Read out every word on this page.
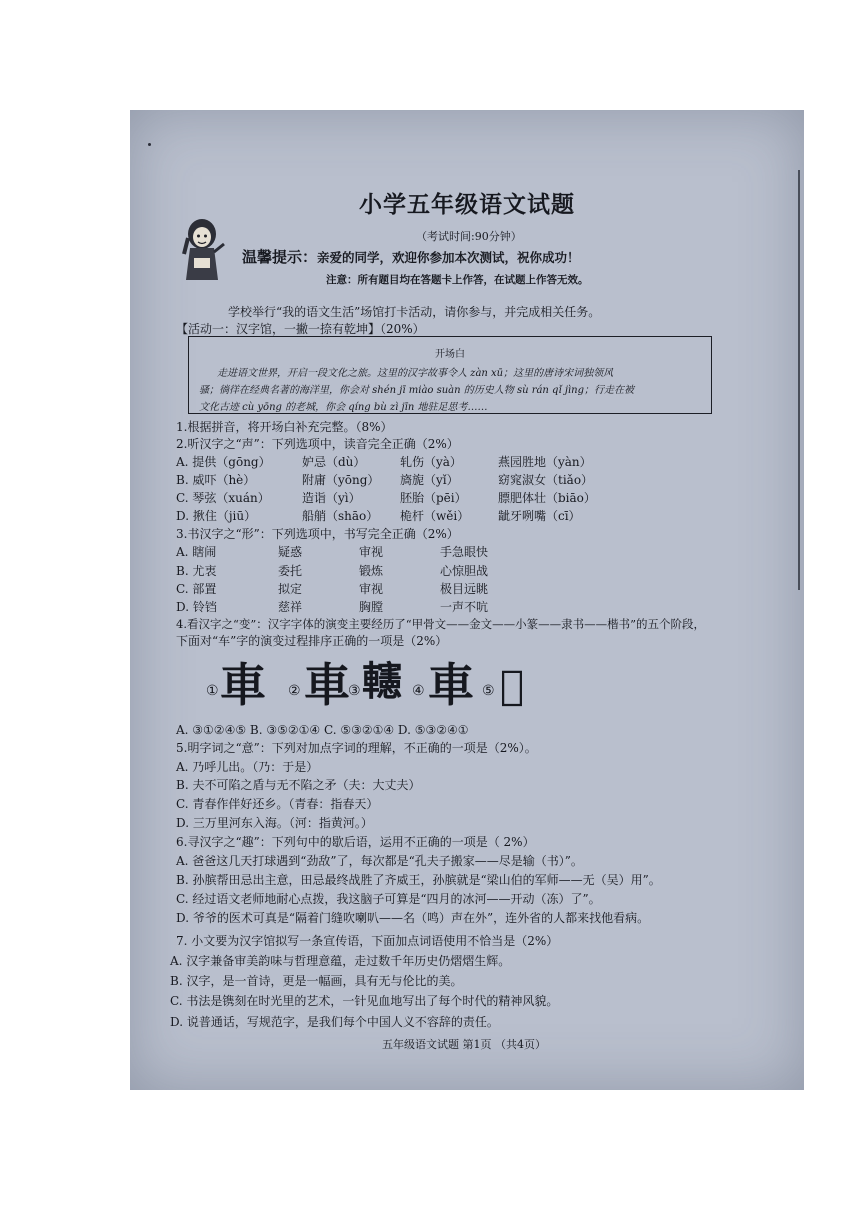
小学五年级语文试题
（考试时间:90分钟）
温馨提示：亲爱的同学，欢迎你参加本次测试，祝你成功！
注意：所有题目均在答题卡上作答，在试题上作答无效。
学校举行“我的语文生活”场馆打卡活动，请你参与，并完成相关任务。
【活动一：汉字馆，一撇一捺有乾坤】（20%）
开场白
走进语文世界，开启一段文化之旅。这里的汉字故事令人 zàn xū；这里的唐诗宋词独领风
骚；徜徉在经典名著的海洋里，你会对 shén jī miào suàn 的历史人物 sù rán qǐ jìng；行走在被
文化古迹 cù yōng 的老城，你会 qíng bù zì jīn 地驻足思考……
1.根据拼音，将开场白补充完整。（8%）
2.听汉字之“声”：下列选项中，读音完全正确（2%）
A. 提供（gōng）	妒忌（dù）	轧伤（yà）	燕园胜地（yàn）
B. 威吓（hè）	附庸（yōng） 旖旎（yǐ）	窈窕淑女（tiǎo）
C. 琴弦（xuán）	造诣（yì）	胚胎（pēi）	膘肥体壮（biāo）
D. 揪住（jiū）	船艄（shāo） 桅杆（wěi） 龇牙咧嘴（cī）
3.书汉字之“形”：下列选项中，书写完全正确（2%）
A. 瞎闹	疑惑	审视	手急眼快
B. 尤衷	委托	锻炼	心惊胆战
C. 部置	拟定	审视	极目远眺
D. 铃铛	慈祥	胸膛	一声不吭
4.看汉字之“变”：汉字字体的演变主要经历了“甲骨文——金文——小篆——隶书——楷书”的五个阶段，
下面对“车”字的演变过程排序正确的一项是（2%）
① 車 ② 車
③ 𨏥 ④ 車 ⑤ 𤰊
A. ③①②④⑤ B. ③⑤②①④ C. ⑤③②①④ D. ⑤③②④①
5.明字词之“意”：下列对加点字词的理解，不正确的一项是（2%）。
A. 乃呼儿出。（乃：于是）
B. 夫不可陷之盾与无不陷之矛（夫：大丈夫）
C. 青春作伴好还乡。（青春：指春天）
D. 三万里河东入海。（河：指黄河。）
6.寻汉字之“趣”：下列句中的歇后语，运用不正确的一项是（ 2%）
A. 爸爸这几天打球遇到“劲敌”了，每次都是“孔夫子搬家——尽是输（书）”。
B. 孙膑帮田忌出主意，田忌最终战胜了齐威王，孙膑就是“梁山伯的军师——无（吴）用”。
C. 经过语文老师地耐心点拨，我这脑子可算是“四月的冰河——开动（冻）了”。
D. 爷爷的医术可真是“隔着门缝吹喇叭——名（鸣）声在外”，连外省的人都来找他看病。
7. 小文要为汉字馆拟写一条宣传语，下面加点词语使用不恰当是（2%）
A. 汉字兼备审美韵味与哲理意蕴，走过数千年历史仍熠熠生辉。
B. 汉字，是一首诗，更是一幅画，具有无与伦比的美。
C. 书法是镌刻在时光里的艺术，一针见血地写出了每个时代的精神风貌。
D. 说普通话，写规范字，是我们每个中国人义不容辞的责任。
五年级语文试题 第1页 （共4页）
